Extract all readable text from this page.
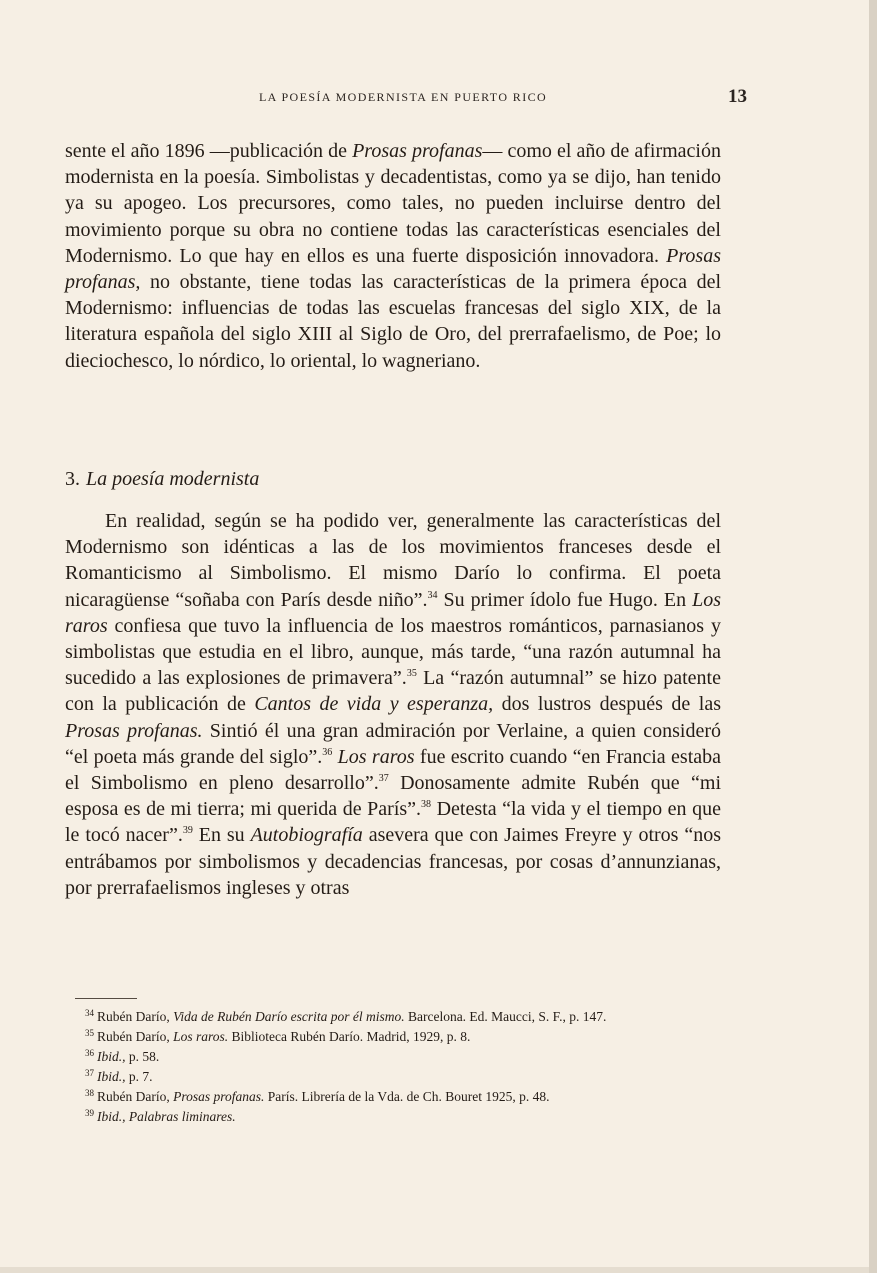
LA POESÍA MODERNISTA EN PUERTO RICO	13

sente el año 1896 —publicación de Prosas profanas— como el año de afirmación modernista en la poesía. Simbolistas y decadentistas, como ya se dijo, han tenido ya su apogeo. Los precursores, como tales, no pueden incluirse dentro del movimiento porque su obra no contiene todas las características esenciales del Modernismo. Lo que hay en ellos es una fuerte disposición innovadora. Prosas profanas, no obstante, tiene todas las características de la primera época del Modernismo: influencias de todas las escuelas francesas del siglo XIX, de la literatura española del siglo XIII al Siglo de Oro, del prerrafaelismo, de Poe; lo dieciochesco, lo nórdico, lo oriental, lo wagneriano.

3. La poesía modernista

En realidad, según se ha podido ver, generalmente las características del Modernismo son idénticas a las de los movimientos franceses desde el Romanticismo al Simbolismo. El mismo Darío lo confirma. El poeta nicaragüense “soñaba con París desde niño”.$^{34}$ Su primer ídolo fue Hugo. En Los raros confiesa que tuvo la influencia de los maestros románticos, parnasianos y simbolistas que estudia en el libro, aunque, más tarde, “una razón autumnal ha sucedido a las explosiones de primavera”.$^{35}$ La “razón autumnal” se hizo patente con la publicación de Cantos de vida y esperanza, dos lustros después de las Prosas profanas. Sintió él una gran admiración por Verlaine, a quien consideró “el poeta más grande del siglo”.$^{36}$ Los raros fue escrito cuando “en Francia estaba el Simbolismo en pleno desarrollo”.$^{37}$ Donosamente admite Rubén que “mi esposa es de mi tierra; mi querida de París”.$^{38}$ Detesta “la vida y el tiempo en que le tocó nacer”.$^{39}$ En su Autobiografía asevera que con Jaimes Freyre y otros “nos entrábamos por simbolismos y decadencias francesas, por cosas d’annunzianas, por prerrafaelismos ingleses y otras

$^{34}$ Rubén Darío, Vida de Rubén Darío escrita por él mismo. Barcelona. Ed. Maucci, S. F., p. 147.

$^{35}$ Rubén Darío, Los raros. Biblioteca Rubén Darío. Madrid, 1929, p. 8.

$^{36}$ Ibid., p. 58.

$^{37}$ Ibid., p. 7.

$^{38}$ Rubén Darío, Prosas profanas. París. Librería de la Vda. de Ch. Bouret 1925, p. 48.

$^{39}$ Ibid., Palabras liminares.
